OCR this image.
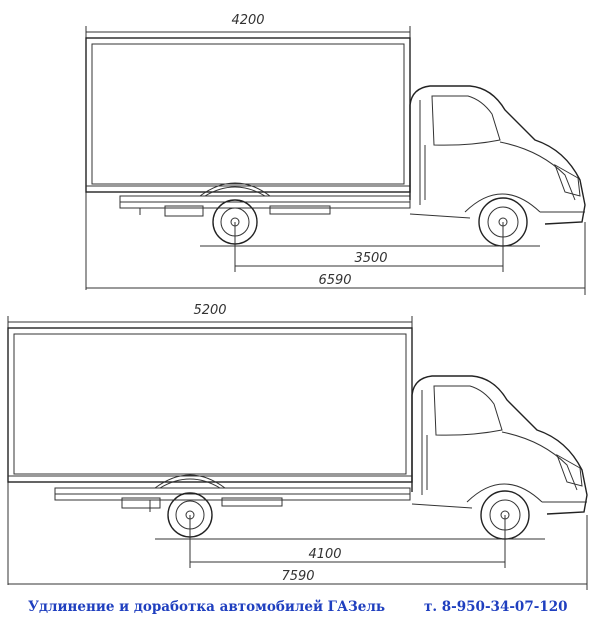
4200
3500
6590
5200
4100
7590
Удлинение и доработка автомобилей ГАЗель	т. 8-950-34-07-120
